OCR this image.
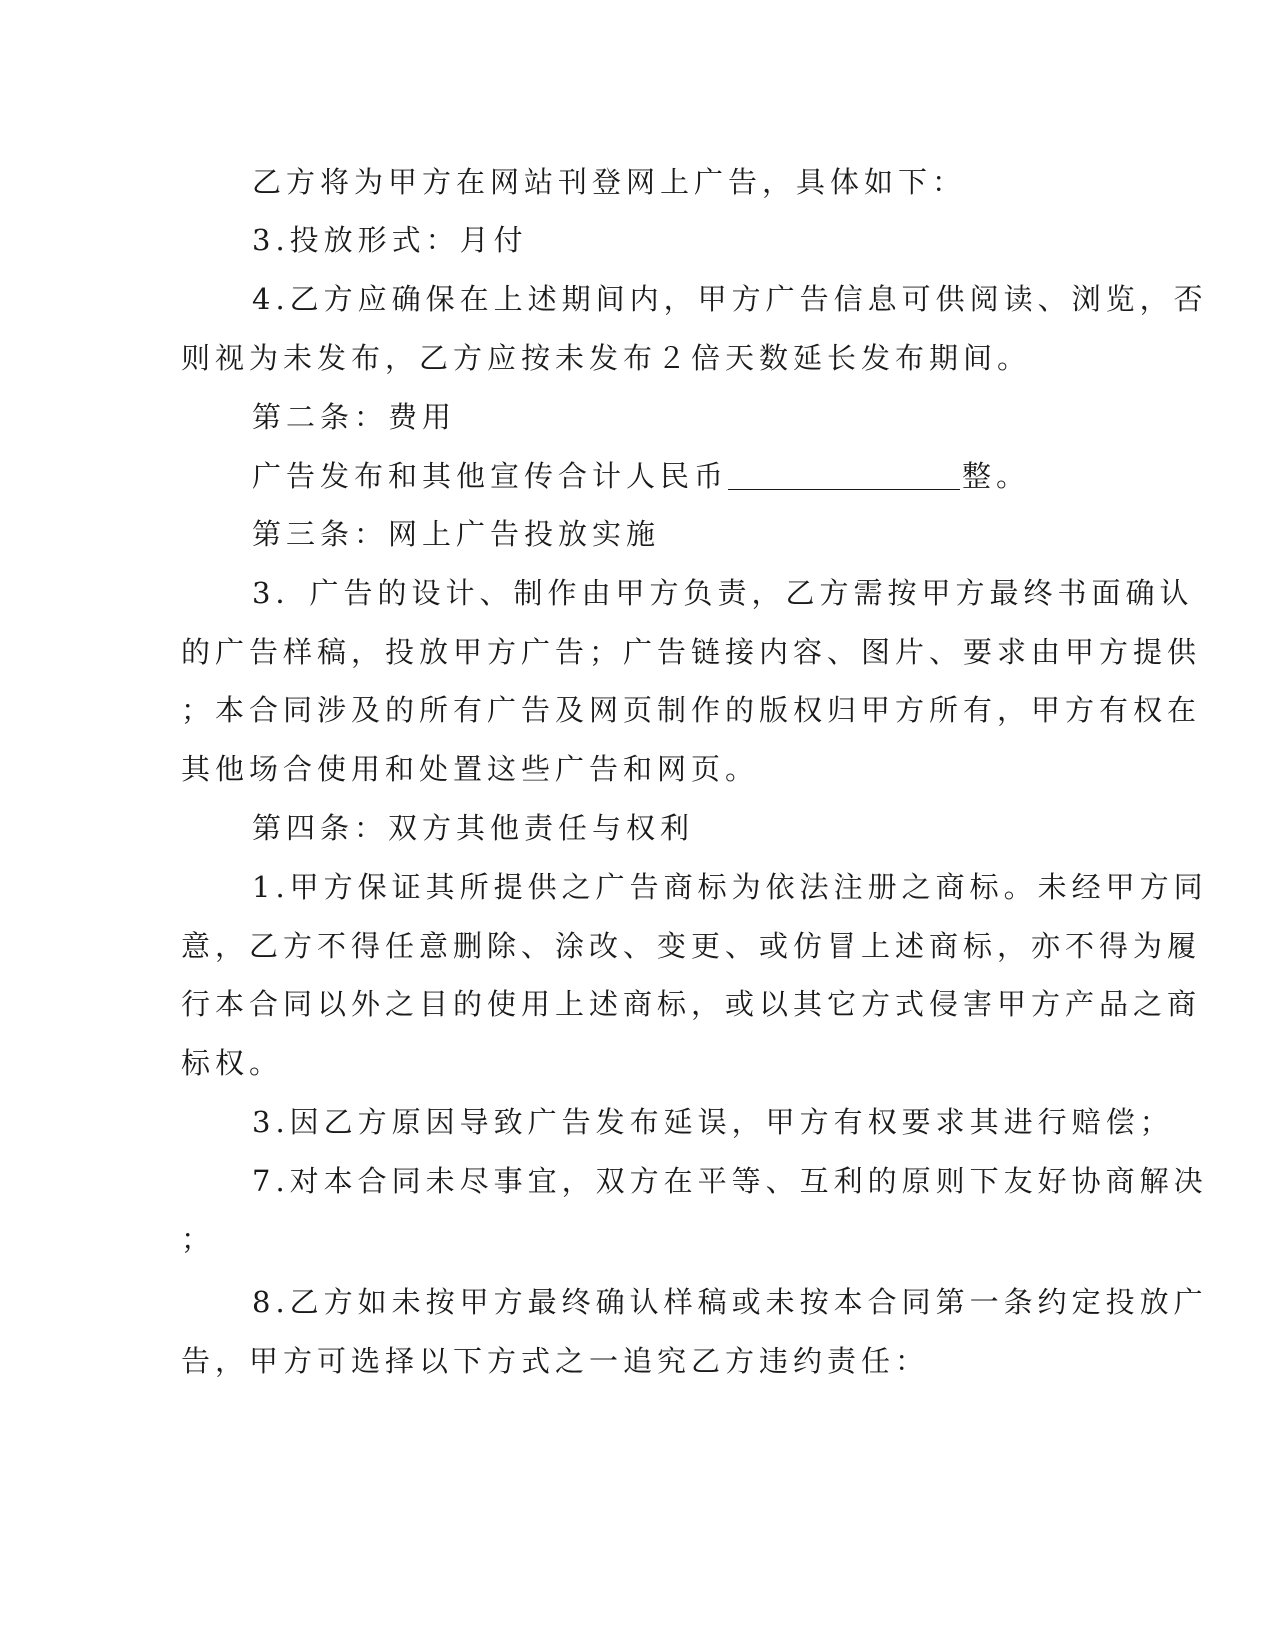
乙方将为甲方在网站刊登网上广告，具体如下：
3.投放形式：月付
4.乙方应确保在上述期间内，甲方广告信息可供阅读、浏览，否
则视为未发布，乙方应按未发布２倍天数延长发布期间。
第二条：费用
广告发布和其他宣传合计人民币	整。
第三条：网上广告投放实施
3．广告的设计、制作由甲方负责，乙方需按甲方最终书面确认
的广告样稿，投放甲方广告；广告链接内容、图片、要求由甲方提供
；本合同涉及的所有广告及网页制作的版权归甲方所有，甲方有权在
其他场合使用和处置这些广告和网页。
第四条：双方其他责任与权利
1.甲方保证其所提供之广告商标为依法注册之商标。未经甲方同
意，乙方不得任意删除、涂改、变更、或仿冒上述商标，亦不得为履
行本合同以外之目的使用上述商标，或以其它方式侵害甲方产品之商
标权。
3.因乙方原因导致广告发布延误，甲方有权要求其进行赔偿；
7.对本合同未尽事宜，双方在平等、互利的原则下友好协商解决
；
8.乙方如未按甲方最终确认样稿或未按本合同第一条约定投放广
告，甲方可选择以下方式之一追究乙方违约责任：
